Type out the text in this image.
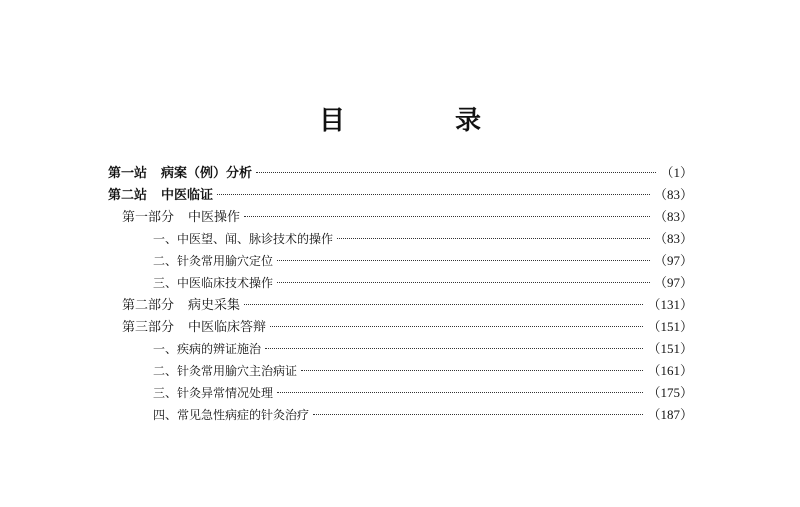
目　录
第一站 病案（例）分析	（1）
第二站 中医临证	（83）
第一部分 中医操作	（83）
一、中医望、闻、脉诊技术的操作	（83）
二、针灸常用腧穴定位	（97）
三、中医临床技术操作	（97）
第二部分 病史采集	（131）
第三部分 中医临床答辩	（151）
一、疾病的辨证施治	（151）
二、针灸常用腧穴主治病证	（161）
三、针灸异常情况处理	（175）
四、常见急性病症的针灸治疗	（187）
